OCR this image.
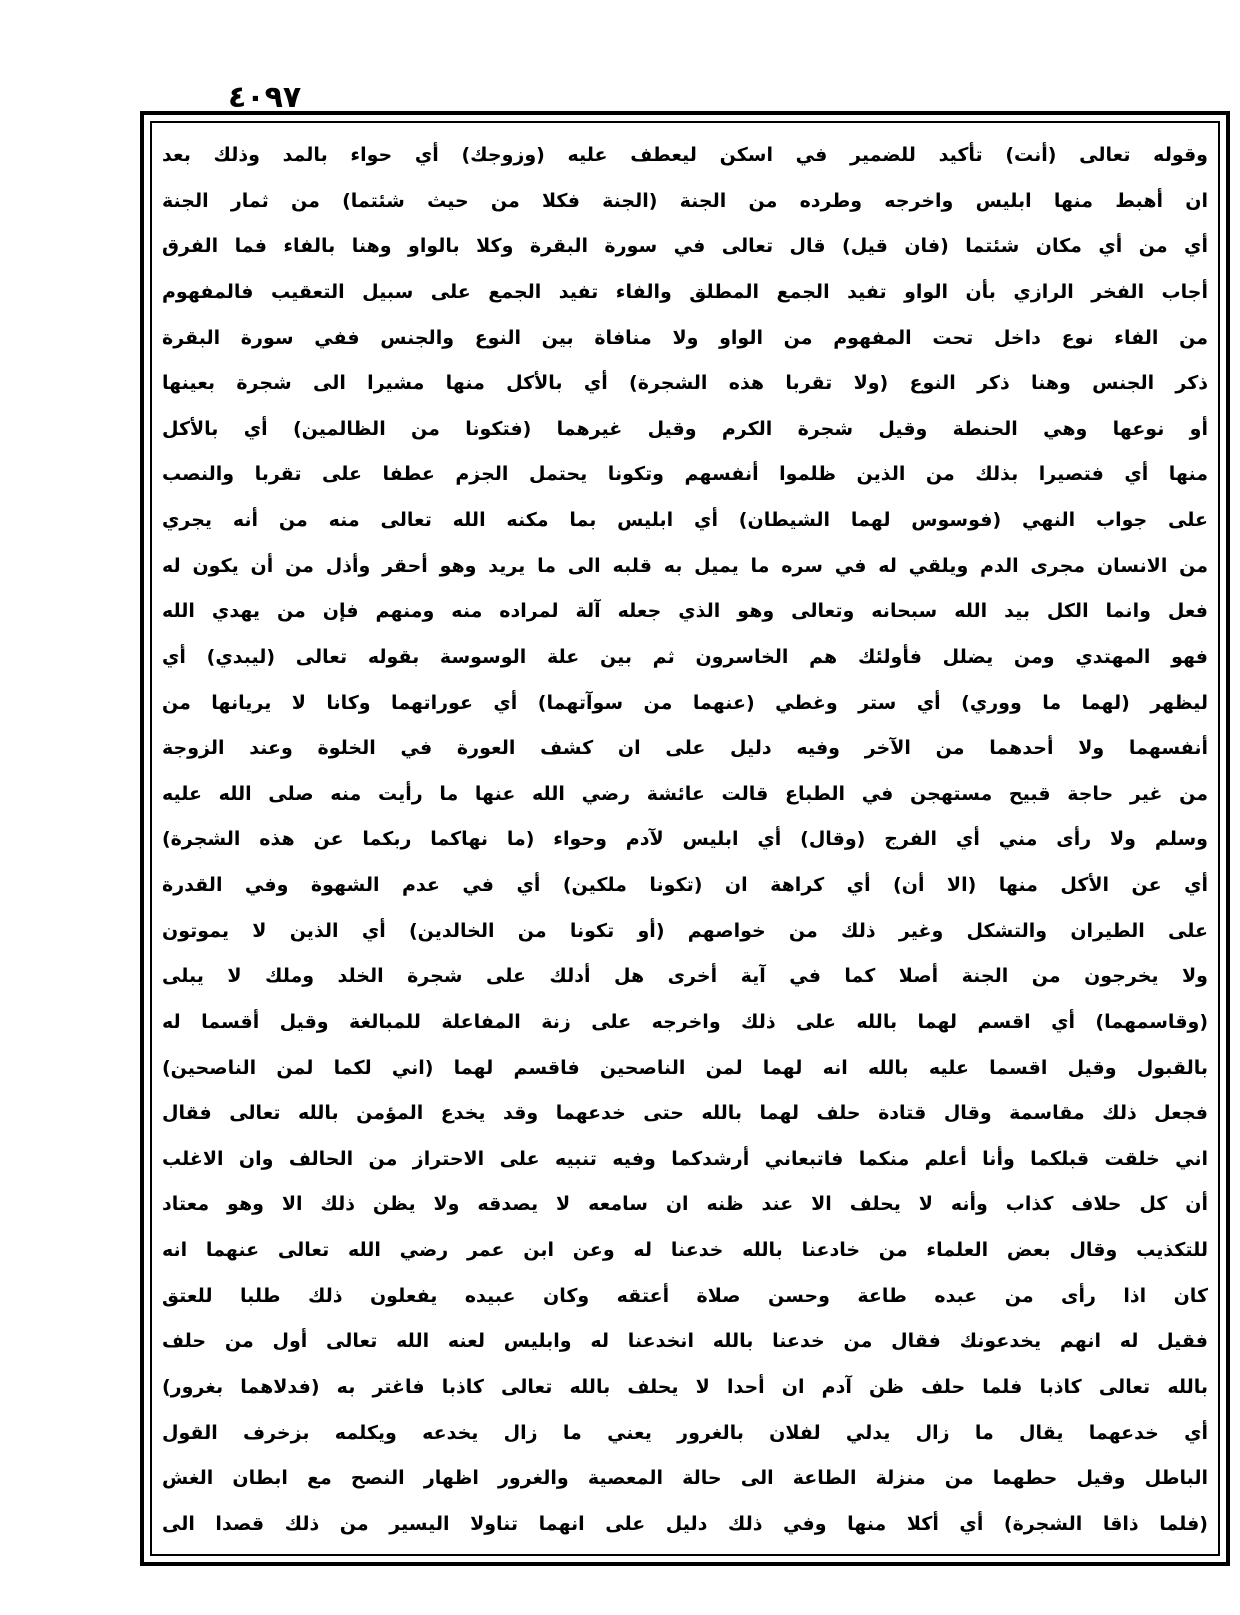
٤٠٩٧
وقوله تعالى (أنت) تأكيد للضمير في اسكن ليعطف عليه (وزوجك) أي حواء بالمد وذلك بعد
ان أهبط منها ابليس واخرجه وطرده من الجنة (الجنة فكلا من حيث شئتما) من ثمار الجنة
أي من أي مكان شئتما (فان قيل) قال تعالى في سورة البقرة وكلا بالواو وهنا بالفاء فما الفرق
أجاب الفخر الرازي بأن الواو تفيد الجمع المطلق والفاء تفيد الجمع على سبيل التعقيب فالمفهوم
من الفاء نوع داخل تحت المفهوم من الواو ولا منافاة بين النوع والجنس ففي سورة البقرة
ذكر الجنس وهنا ذكر النوع (ولا تقربا هذه الشجرة) أي بالأكل منها مشيرا الى شجرة بعينها
أو نوعها وهي الحنطة وقيل شجرة الكرم وقيل غيرهما (فتكونا من الظالمين) أي بالأكل
منها أي فتصيرا بذلك من الذين ظلموا أنفسهم وتكونا يحتمل الجزم عطفا على تقربا والنصب
على جواب النهي (فوسوس لهما الشيطان) أي ابليس بما مكنه الله تعالى منه من أنه يجري
من الانسان مجرى الدم ويلقي له في سره ما يميل به قلبه الى ما يريد وهو أحقر وأذل من أن يكون له
فعل وانما الكل بيد الله سبحانه وتعالى وهو الذي جعله آلة لمراده منه ومنهم فإن من يهدي الله
فهو المهتدي ومن يضلل فأولئك هم الخاسرون ثم بين علة الوسوسة بقوله تعالى (ليبدي) أي
ليظهر (لهما ما ووري) أي ستر وغطي (عنهما من سوآتهما) أي عوراتهما وكانا لا يريانها من
أنفسهما ولا أحدهما من الآخر وفيه دليل على ان كشف العورة في الخلوة وعند الزوجة
من غير حاجة قبيح مستهجن في الطباع قالت عائشة رضي الله عنها ما رأيت منه صلى الله عليه
وسلم ولا رأى مني أي الفرج (وقال) أي ابليس لآدم وحواء (ما نهاكما ربكما عن هذه الشجرة)
أي عن الأكل منها (الا أن) أي كراهة ان (تكونا ملكين) أي في عدم الشهوة وفي القدرة
على الطيران والتشكل وغير ذلك من خواصهم (أو تكونا من الخالدين) أي الذين لا يموتون
ولا يخرجون من الجنة أصلا كما في آية أخرى هل أدلك على شجرة الخلد وملك لا يبلى
(وقاسمهما) أي اقسم لهما بالله على ذلك واخرجه على زنة المفاعلة للمبالغة وقيل أقسما له
بالقبول وقيل اقسما عليه بالله انه لهما لمن الناصحين فاقسم لهما (اني لكما لمن الناصحين)
فجعل ذلك مقاسمة وقال قتادة حلف لهما بالله حتى خدعهما وقد يخدع المؤمن بالله تعالى فقال
اني خلقت قبلكما وأنا أعلم منكما فاتبعاني أرشدكما وفيه تنبيه على الاحتراز من الحالف وان الاغلب
أن كل حلاف كذاب وأنه لا يحلف الا عند ظنه ان سامعه لا يصدقه ولا يظن ذلك الا وهو معتاد
للتكذيب وقال بعض العلماء من خادعنا بالله خدعنا له وعن ابن عمر رضي الله تعالى عنهما انه
كان اذا رأى من عبده طاعة وحسن صلاة أعتقه وكان عبيده يفعلون ذلك طلبا للعتق
فقيل له انهم يخدعونك فقال من خدعنا بالله انخدعنا له وابليس لعنه الله تعالى أول من حلف
بالله تعالى كاذبا فلما حلف ظن آدم ان أحدا لا يحلف بالله تعالى كاذبا فاغتر به (فدلاهما بغرور)
أي خدعهما يقال ما زال يدلي لفلان بالغرور يعني ما زال يخدعه ويكلمه بزخرف القول
الباطل وقيل حطهما من منزلة الطاعة الى حالة المعصية والغرور اظهار النصح مع ابطان الغش
(فلما ذاقا الشجرة) أي أكلا منها وفي ذلك دليل على انهما تناولا اليسير من ذلك قصدا الى
